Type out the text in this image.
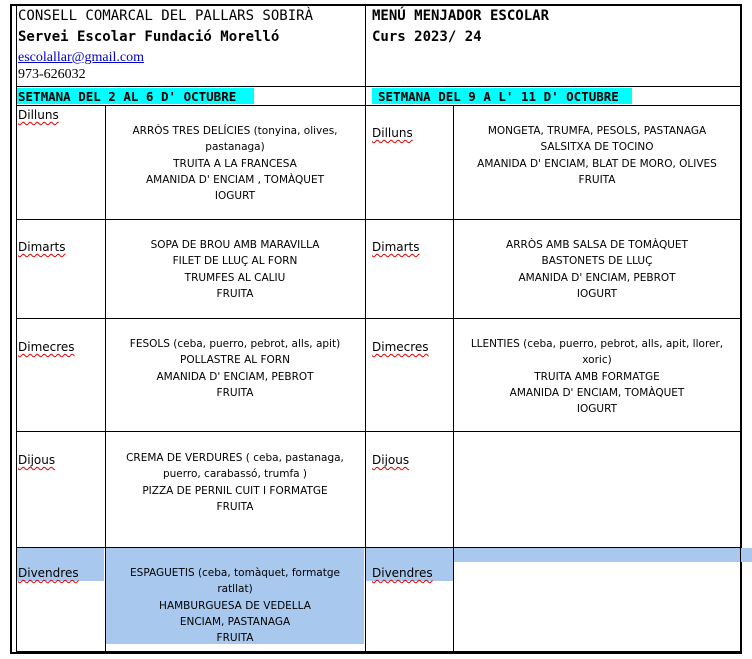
CONSELL COMARCAL DEL PALLARS SOBIRÀ
Servei Escolar Fundació Morelló
escolallar@gmail.com
973-626032
MENÚ MENJADOR ESCOLAR
Curs 2023/ 24
SETMANA DEL 2 AL 6 D' OCTUBRE	SETMANA DEL 9 A L' 11 D' OCTUBRE
Dilluns
Dimarts
Dimecres
Dijous
Divendres
Dilluns
Dimarts
Dimecres
Dijous
Divendres
ARRÒS TRES DELÍCIES (tonyina, olives,
pastanaga)
TRUITA A LA FRANCESA
AMANIDA D' ENCIAM , TOMÀQUET
IOGURT
SOPA DE BROU AMB MARAVILLA
FILET DE LLUÇ AL FORN
TRUMFES AL CALIU
FRUITA
FESOLS (ceba, puerro, pebrot, alls, apit)
POLLASTRE AL FORN
AMANIDA D' ENCIAM, PEBROT
FRUITA
CREMA DE VERDURES ( ceba, pastanaga,
puerro, carabassó, trumfa )
PIZZA DE PERNIL CUIT I FORMATGE
FRUITA
ESPAGUETIS (ceba, tomàquet, formatge
ratllat)
HAMBURGUESA DE VEDELLA
ENCIAM, PASTANAGA
FRUITA
MONGETA, TRUMFA, PESOLS, PASTANAGA
SALSITXA DE TOCINO
AMANIDA D' ENCIAM, BLAT DE MORO, OLIVES
FRUITA
ARRÒS AMB SALSA DE TOMÀQUET
BASTONETS DE LLUÇ
AMANIDA D' ENCIAM, PEBROT
IOGURT
LLENTIES (ceba, puerro, pebrot, alls, apit, llorer,
xoric)
TRUITA AMB FORMATGE
AMANIDA D' ENCIAM, TOMÀQUET
IOGURT
